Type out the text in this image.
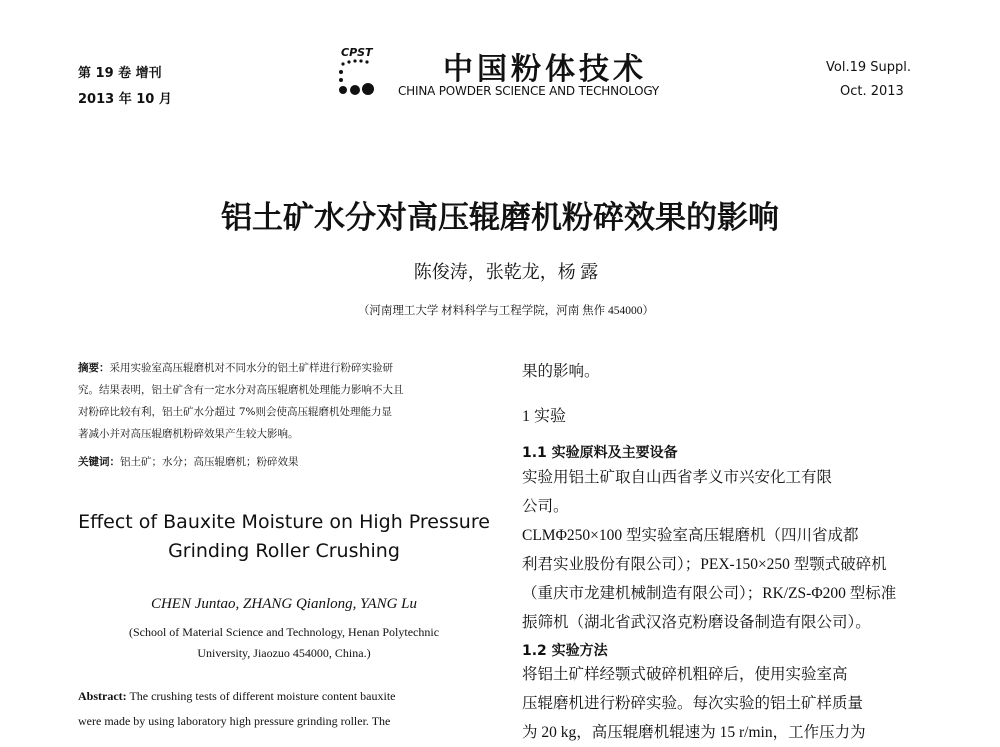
第 19 卷 增刊
2013 年 10 月
CPST
中国粉体技术
CHINA POWDER SCIENCE AND TECHNOLOGY
Vol.19 Suppl.
Oct. 2013
铝土矿水分对高压辊磨机粉碎效果的影响
陈俊涛，张乾龙，杨 露
（河南理工大学 材料科学与工程学院，河南 焦作 454000）
摘要：采用实验室高压辊磨机对不同水分的铝土矿样进行粉碎实验研
究。结果表明，铝土矿含有一定水分对高压辊磨机处理能力影响不大且
对粉碎比较有利，铝土矿水分超过 7%则会使高压辊磨机处理能力显
著减小并对高压辊磨机粉碎效果产生较大影响。
关键词：铝土矿；水分；高压辊磨机；粉碎效果
Effect of Bauxite Moisture on High Pressure
Grinding Roller Crushing
CHEN Juntao, ZHANG Qianlong, YANG Lu
(School of Material Science and Technology, Henan Polytechnic
University, Jiaozuo 454000, China.)
Abstract: The crushing tests of different moisture content bauxite
were made by using laboratory high pressure grinding roller. The
果的影响。
1 实验
1.1 实验原料及主要设备
实验用铝土矿取自山西省孝义市兴安化工有限
公司。
CLMΦ250×100 型实验室高压辊磨机（四川省成都
利君实业股份有限公司）；PEX-150×250 型颚式破碎机
（重庆市龙建机械制造有限公司）；RK/ZS-Φ200 型标准
振筛机（湖北省武汉洛克粉磨设备制造有限公司）。
1.2 实验方法
将铝土矿样经颚式破碎机粗碎后，使用实验室高
压辊磨机进行粉碎实验。每次实验的铝土矿样质量
为 20 kg，高压辊磨机辊速为 15 r/min，工作压力为
